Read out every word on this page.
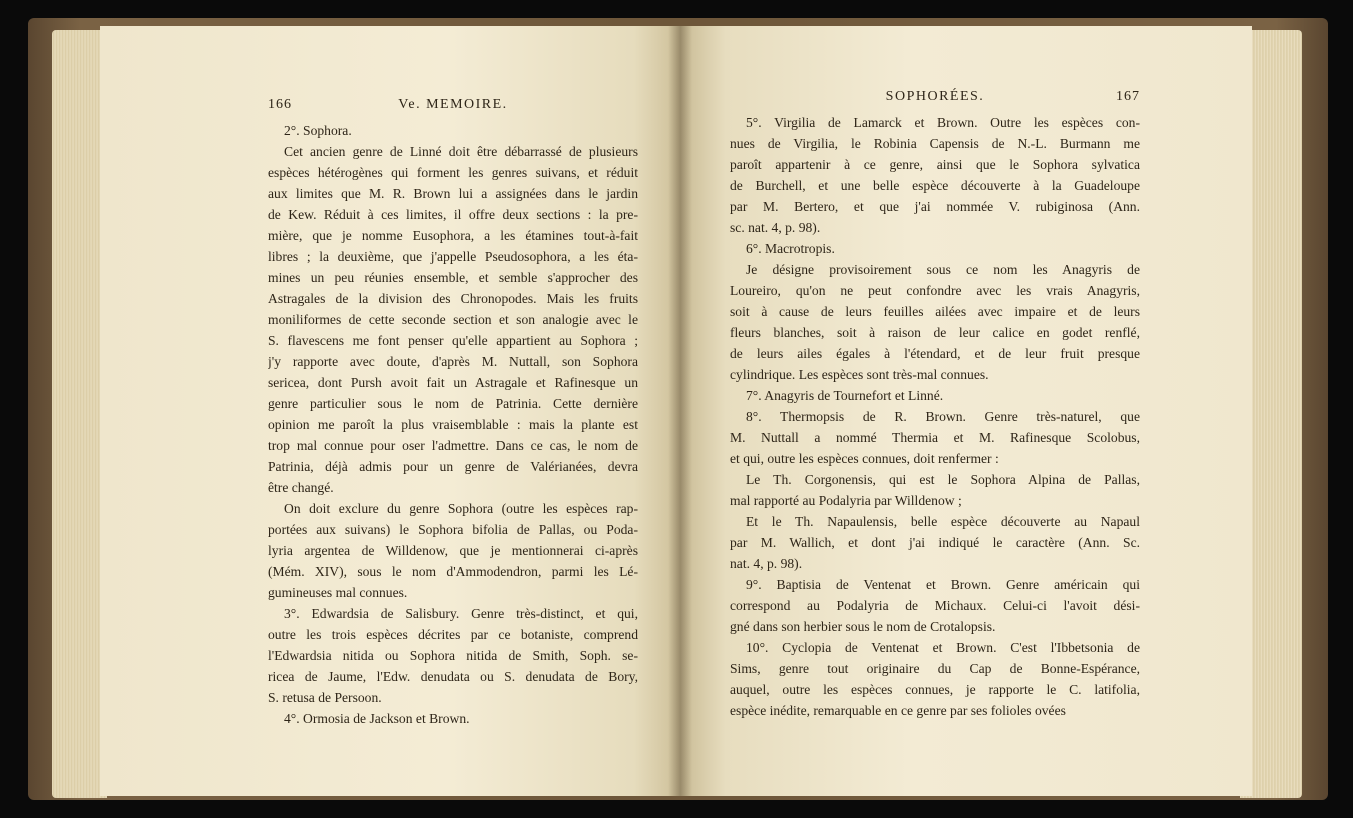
166	Ve. MEMOIRE.
2°. Sophora.
Cet ancien genre de Linné doit être débarrassé de plusieurs
espèces hétérogènes qui forment les genres suivans, et réduit
aux limites que M. R. Brown lui a assignées dans le jardin
de Kew. Réduit à ces limites, il offre deux sections : la pre-
mière, que je nomme Eusophora, a les étamines tout-à-fait
libres ; la deuxième, que j'appelle Pseudosophora, a les éta-
mines un peu réunies ensemble, et semble s'approcher des
Astragales de la division des Chronopodes. Mais les fruits
moniliformes de cette seconde section et son analogie avec le
S. flavescens me font penser qu'elle appartient au Sophora ;
j'y rapporte avec doute, d'après M. Nuttall, son Sophora
sericea, dont Pursh avoit fait un Astragale et Rafinesque un
genre particulier sous le nom de Patrinia. Cette dernière
opinion me paroît la plus vraisemblable : mais la plante est
trop mal connue pour oser l'admettre. Dans ce cas, le nom de
Patrinia, déjà admis pour un genre de Valérianées, devra
être changé.
On doit exclure du genre Sophora (outre les espèces rap-
portées aux suivans) le Sophora bifolia de Pallas, ou Poda-
lyria argentea de Willdenow, que je mentionnerai ci-après
(Mém. XIV), sous le nom d'Ammodendron, parmi les Lé-
gumineuses mal connues.
3°. Edwardsia de Salisbury. Genre très-distinct, et qui,
outre les trois espèces décrites par ce botaniste, comprend
l'Edwardsia nitida ou Sophora nitida de Smith, Soph. se-
ricea de Jaume, l'Edw. denudata ou S. denudata de Bory,
S. retusa de Persoon.
4°. Ormosia de Jackson et Brown.
SOPHORÉES.	167
5°. Virgilia de Lamarck et Brown. Outre les espèces con-
nues de Virgilia, le Robinia Capensis de N.-L. Burmann me
paroît appartenir à ce genre, ainsi que le Sophora sylvatica
de Burchell, et une belle espèce découverte à la Guadeloupe
par M. Bertero, et que j'ai nommée V. rubiginosa (Ann.
sc. nat. 4, p. 98).
6°. Macrotropis.
Je désigne provisoirement sous ce nom les Anagyris de
Loureiro, qu'on ne peut confondre avec les vrais Anagyris,
soit à cause de leurs feuilles ailées avec impaire et de leurs
fleurs blanches, soit à raison de leur calice en godet renflé,
de leurs ailes égales à l'étendard, et de leur fruit presque
cylindrique. Les espèces sont très-mal connues.
7°. Anagyris de Tournefort et Linné.
8°. Thermopsis de R. Brown. Genre très-naturel, que
M. Nuttall a nommé Thermia et M. Rafinesque Scolobus,
et qui, outre les espèces connues, doit renfermer :
Le Th. Corgonensis, qui est le Sophora Alpina de Pallas,
mal rapporté au Podalyria par Willdenow ;
Et le Th. Napaulensis, belle espèce découverte au Napaul
par M. Wallich, et dont j'ai indiqué le caractère (Ann. Sc.
nat. 4, p. 98).
9°. Baptisia de Ventenat et Brown. Genre américain qui
correspond au Podalyria de Michaux. Celui-ci l'avoit dési-
gné dans son herbier sous le nom de Crotalopsis.
10°. Cyclopia de Ventenat et Brown. C'est l'Ibbetsonia de
Sims, genre tout originaire du Cap de Bonne-Espérance,
auquel, outre les espèces connues, je rapporte le C. latifolia,
espèce inédite, remarquable en ce genre par ses folioles ovées
